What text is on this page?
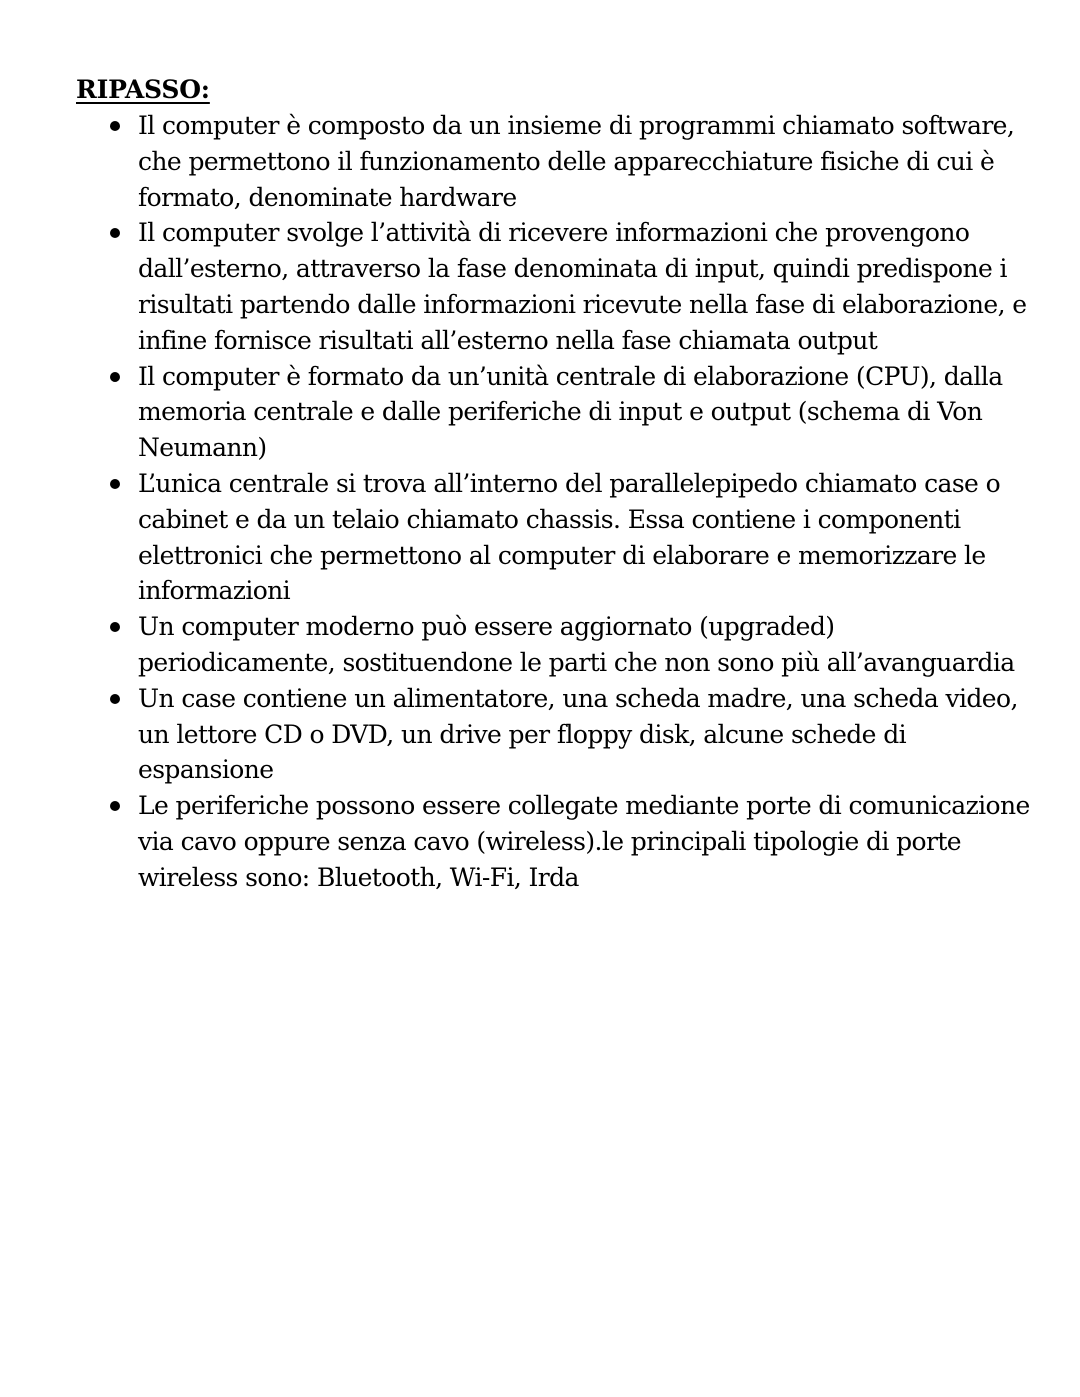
RIPASSO:
Il computer è composto da un insieme di programmi chiamato software, che permettono il funzionamento delle apparecchiature fisiche di cui è formato, denominate hardware
Il computer svolge l’attività di ricevere informazioni che provengono dall’esterno, attraverso la fase denominata di input, quindi predispone i risultati partendo dalle informazioni ricevute nella fase di elaborazione, e infine fornisce risultati all’esterno nella fase chiamata output
Il computer è formato da un’unità centrale di elaborazione (CPU), dalla memoria centrale e dalle periferiche di input e output (schema di Von Neumann)
L’unica centrale si trova all’interno del parallelepipedo chiamato case o cabinet e da un telaio chiamato chassis. Essa contiene i componenti elettronici che permettono al computer di elaborare e memorizzare le informazioni
Un computer moderno può essere aggiornato (upgraded) periodicamente, sostituendone le parti che non sono più all’avanguardia
Un case contiene un alimentatore, una scheda madre, una scheda video, un lettore CD o DVD, un drive per floppy disk, alcune schede di espansione
Le periferiche possono essere collegate mediante porte di comunicazione via cavo oppure senza cavo (wireless).le principali tipologie di porte wireless sono: Bluetooth, Wi-Fi, Irda
